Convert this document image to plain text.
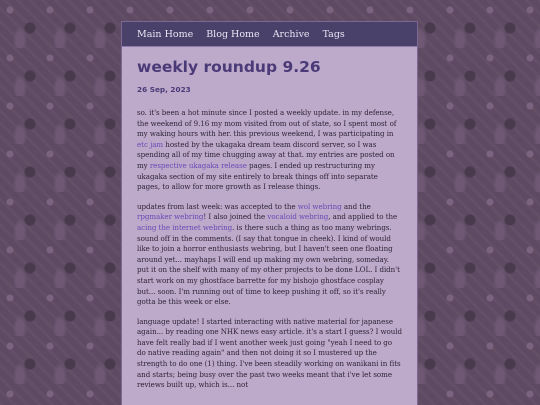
Main Home Blog Home Archive Tags
weekly roundup 9.26
26 Sep, 2023

so. it's been a hot minute since I posted a weekly update. in my defense, the weekend of 9.16 my mom visited from out of state, so I spent most of my waking hours with her. this previous weekend, I was participating in etc jam hosted by the ukagaka dream team discord server, so I was spending all of my time chugging away at that. my entries are posted on my respective ukagaka release pages. I ended up restructuring my ukagaka section of my site entirely to break things off into separate pages, to allow for more growth as I release things.

updates from last week: was accepted to the wol webring and the rpgmaker webring! I also joined the vocaloid webring, and applied to the acing the internet webring. is there such a thing as too many webrings. sound off in the comments. (I say that tongue in cheek). I kind of would like to join a horror enthusiasts webring, but I haven't seen one floating around yet... mayhaps I will end up making my own webring, someday. put it on the shelf with many of my other projects to be done LOL. I didn't start work on my ghostface barrette for my bishojo ghostface cosplay but... soon. I'm running out of time to keep pushing it off, so it's really gotta be this week or else.

language update! I started interacting with native material for japanese again... by reading one NHK news easy article. it's a start I guess? I would have felt really bad if I went another week just going "yeah I need to go do native reading again" and then not doing it so I mustered up the strength to do one (1) thing. I've been steadily working on wanikani in fits and starts; being busy over the past two weeks meant that i've let some reviews built up, which is... not
